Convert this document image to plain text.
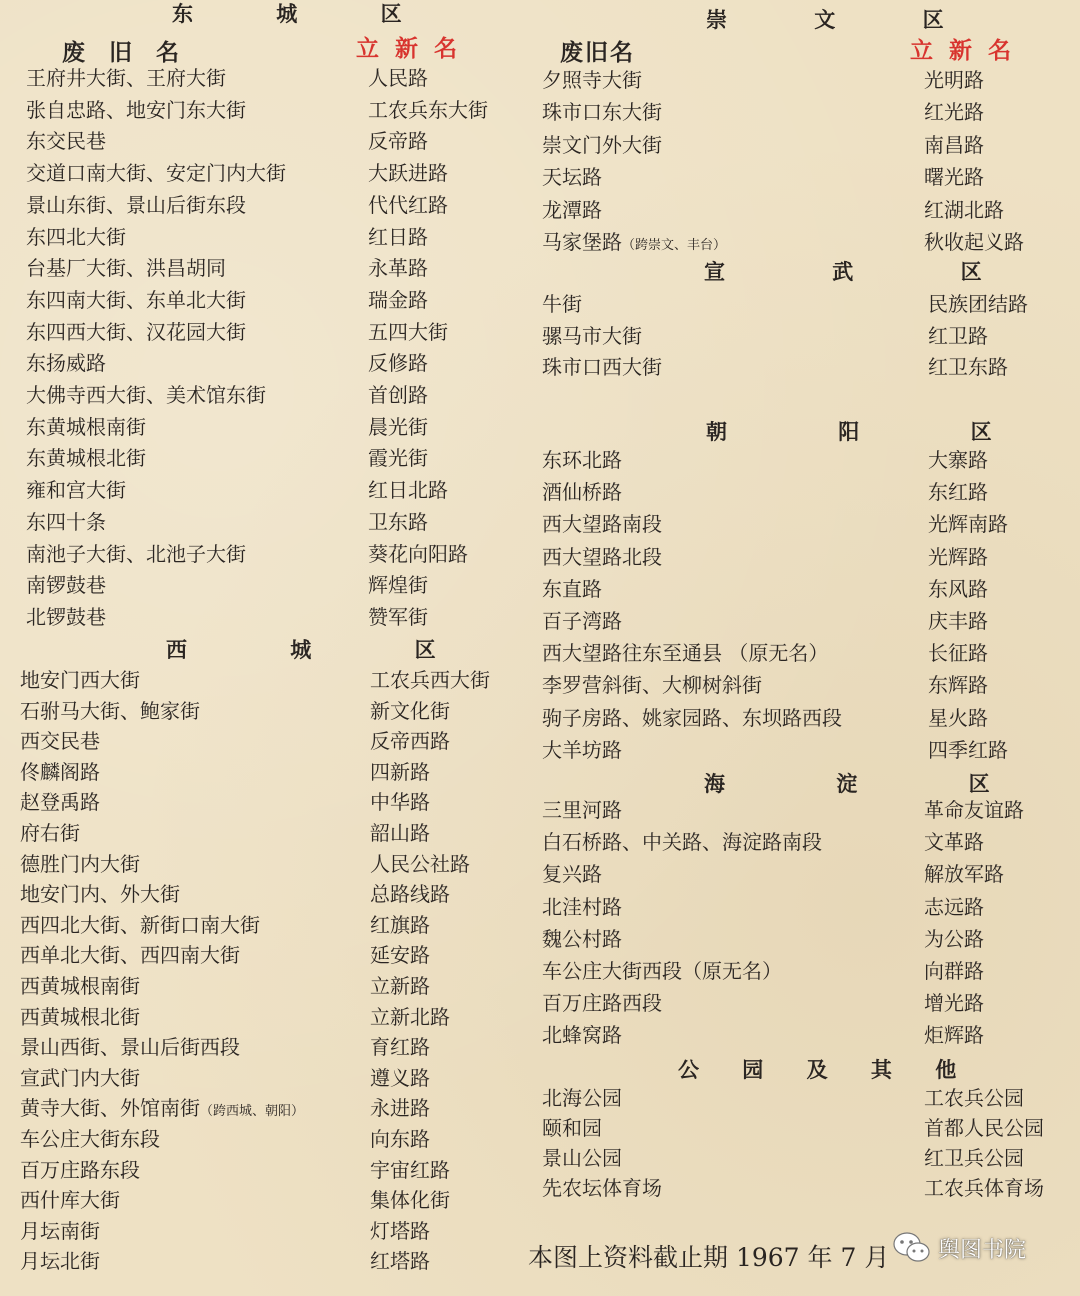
东 城 区
废 旧 名	立 新 名
王府井大街、王府大街	人民路
张自忠路、地安门东大街	工农兵东大街
东交民巷	反帝路
交道口南大街、安定门内大街	大跃进路
景山东街、景山后街东段	代代红路
东四北大街	红日路
台基厂大街、洪昌胡同	永革路
东四南大街、东单北大街	瑞金路
东四西大街、汉花园大街	五四大街
东扬威路	反修路
大佛寺西大街、美术馆东街	首创路
东黄城根南街	晨光街
东黄城根北街	霞光街
雍和宫大街	红日北路
东四十条	卫东路
南池子大街、北池子大街	葵花向阳路
南锣鼓巷	辉煌街
北锣鼓巷	赞军街
西 城 区
地安门西大街	工农兵西大街
石驸马大街、鲍家街	新文化街
西交民巷	反帝西路
佟麟阁路	四新路
赵登禹路	中华路
府右街	韶山路
德胜门内大街	人民公社路
地安门内、外大街	总路线路
西四北大街、新街口南大街	红旗路
西单北大街、西四南大街	延安路
西黄城根南街	立新路
西黄城根北街	立新北路
景山西街、景山后街西段	育红路
宣武门内大街	遵义路
黄寺大街、外馆南街（跨西城、朝阳）	永进路
车公庄大街东段	向东路
百万庄路东段	宇宙红路
西什库大街	集体化街
月坛南街	灯塔路
月坛北街	红塔路
崇 文 区
废旧名	立 新 名
夕照寺大街	光明路
珠市口东大街	红光路
崇文门外大街	南昌路
天坛路	曙光路
龙潭路	红湖北路
马家堡路（跨崇文、丰台）	秋收起义路
宣 武 区
牛街	民族团结路
骡马市大街	红卫路
珠市口西大街	红卫东路
朝 阳 区
东环北路	大寨路
酒仙桥路	东红路
西大望路南段	光辉南路
西大望路北段	光辉路
东直路	东风路
百子湾路	庆丰路
西大望路往东至通县 （原无名）	长征路
李罗营斜街、大柳树斜街	东辉路
驹子房路、姚家园路、东坝路西段	星火路
大羊坊路	四季红路
海 淀 区
三里河路	革命友谊路
白石桥路、中关路、海淀路南段	文革路
复兴路	解放军路
北洼村路	志远路
魏公村路	为公路
车公庄大街西段（原无名）	向群路
百万庄路西段	增光路
北蜂窝路	炬辉路
公 园 及 其 他
北海公园	工农兵公园
颐和园	首都人民公园
景山公园	红卫兵公园
先农坛体育场	工农兵体育场
本图上资料截止期 1967 年 7 月 舆图书院
